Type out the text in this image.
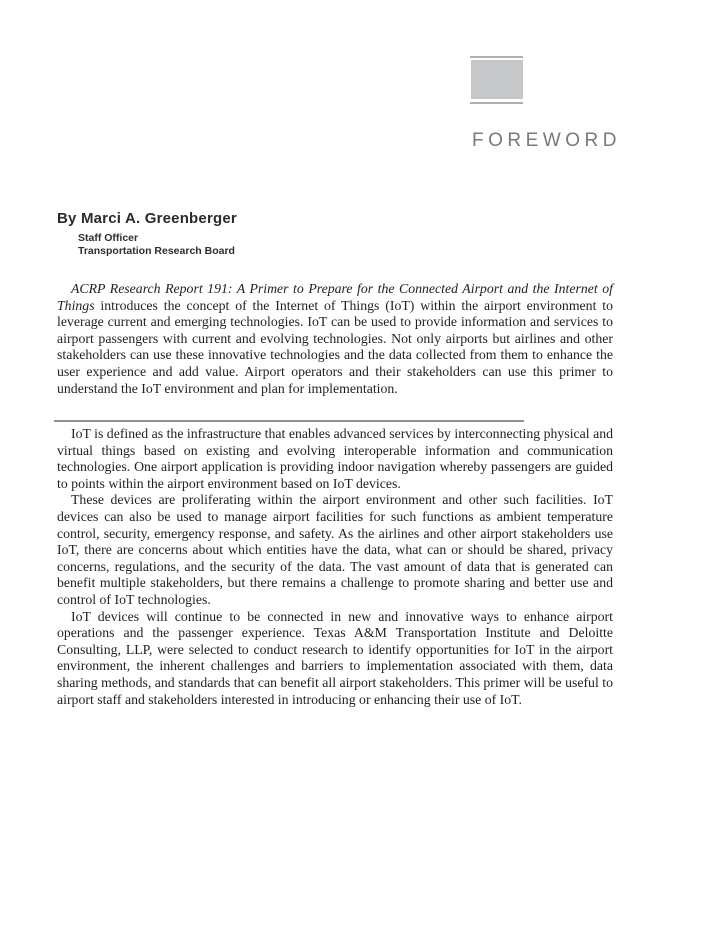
FOREWORD
By Marci A. Greenberger
Staff Officer
Transportation Research Board

ACRP Research Report 191: A Primer to Prepare for the Connected Airport and the Internet of Things introduces the concept of the Internet of Things (IoT) within the airport environment to leverage current and emerging technologies. IoT can be used to provide information and services to airport passengers with current and evolving technologies. Not only airports but airlines and other stakeholders can use these innovative technologies and the data collected from them to enhance the user experience and add value. Airport operators and their stakeholders can use this primer to understand the IoT environment and plan for implementation.

IoT is defined as the infrastructure that enables advanced services by interconnecting physical and virtual things based on existing and evolving interoperable information and communication technologies. One airport application is providing indoor navigation whereby passengers are guided to points within the airport environment based on IoT devices.

These devices are proliferating within the airport environment and other such facilities. IoT devices can also be used to manage airport facilities for such functions as ambient temperature control, security, emergency response, and safety. As the airlines and other airport stakeholders use IoT, there are concerns about which entities have the data, what can or should be shared, privacy concerns, regulations, and the security of the data. The vast amount of data that is generated can benefit multiple stakeholders, but there remains a challenge to promote sharing and better use and control of IoT technologies.

IoT devices will continue to be connected in new and innovative ways to enhance airport operations and the passenger experience. Texas A&M Transportation Institute and Deloitte Consulting, LLP, were selected to conduct research to identify opportunities for IoT in the airport environment, the inherent challenges and barriers to implementation associated with them, data sharing methods, and standards that can benefit all airport stakeholders. This primer will be useful to airport staff and stakeholders interested in introducing or enhancing their use of IoT.
